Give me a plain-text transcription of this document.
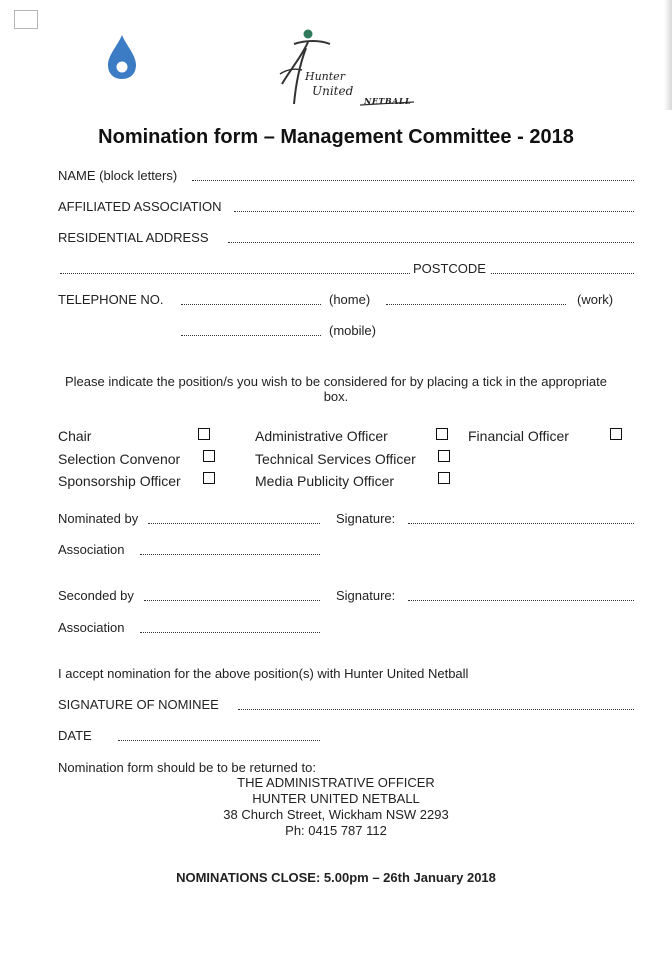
Hunter
United
NETBALL
Nomination form – Management Committee - 2018
NAME (block letters)
AFFILIATED ASSOCIATION
RESIDENTIAL ADDRESS
POSTCODE
TELEPHONE NO.	(home)	(work)
(mobile)
Please indicate the position/s you wish to be considered for by placing a tick in the appropriate
box.
Chair	Administrative Officer	Financial Officer
Selection Convenor	Technical Services Officer
Sponsorship Officer	Media Publicity Officer
Nominated by	Signature:
Association
Seconded by	Signature:
Association
I accept nomination for the above position(s) with Hunter United Netball
SIGNATURE OF NOMINEE
DATE
Nomination form should be to be returned to:
THE ADMINISTRATIVE OFFICER
HUNTER UNITED NETBALL
38 Church Street, Wickham NSW 2293
Ph: 0415 787 112
NOMINATIONS CLOSE: 5.00pm – 26th January 2018
